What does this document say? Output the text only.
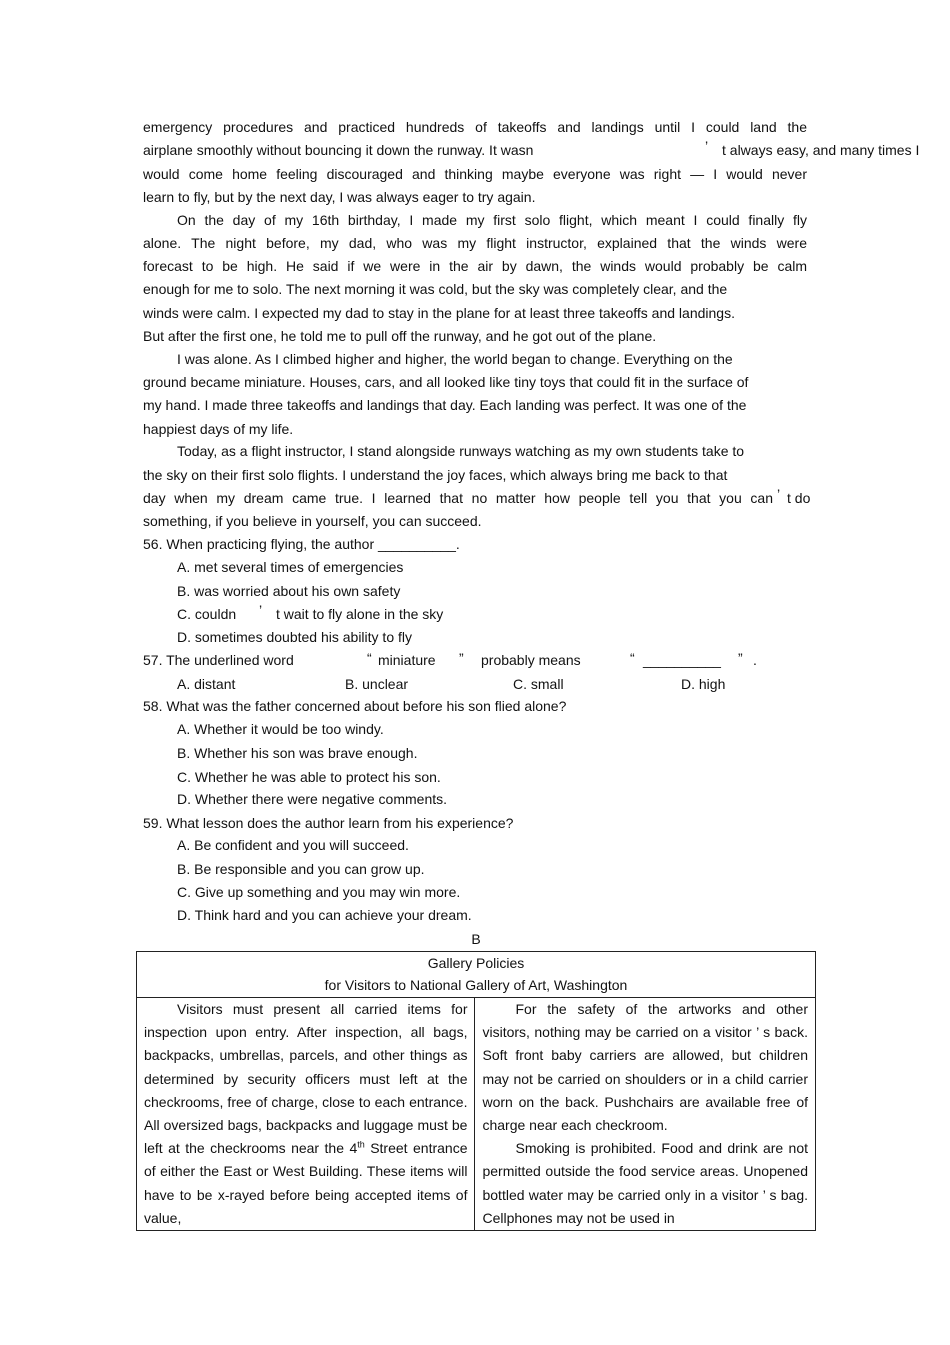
emergency procedures and practiced hundreds of takeoffs and landings until I could land the
airplane smoothly without bouncing it down the runway. It wasn	’ t always easy, and many times I
would come home feeling discouraged and thinking maybe everyone was right — I would never
learn to fly, but by the next day, I was always eager to try again.
On the day of my 16th birthday, I made my first solo flight, which meant I could finally fly
alone. The night before, my dad, who was my flight instructor, explained that the winds were
forecast to be high. He said if we were in the air by dawn, the winds would probably be calm
enough for me to solo. The next morning it was cold, but the sky was completely clear, and the
winds were calm. I expected my dad to stay in the plane for at least three takeoffs and landings.
But after the first one, he told me to pull off the runway, and he got out of the plane.
I was alone. As I climbed higher and higher, the world began to change. Everything on the
ground became miniature. Houses, cars, and all looked like tiny toys that could fit in the surface of
my hand. I made three takeoffs and landings that day. Each landing was perfect. It was one of the
happiest days of my life.
Today, as a flight instructor, I stand alongside runways watching as my own students take to
the sky on their first solo flights. I understand the joy faces, which always bring me back to that
day when my dream came true. I learned that no matter how people tell you that you can ’ t do
something, if you believe in yourself, you can succeed.
56. When practicing flying, the author __________.
A. met several times of emergencies
B. was worried about his own safety
C. couldn ’ t wait to fly alone in the sky
D. sometimes doubted his ability to fly
57. The underlined word	“ miniature ” probably means	“ __________ ” .
A. distant	B. unclear	C. small	D. high
58. What was the father concerned about before his son flied alone?
A. Whether it would be too windy.
B. Whether his son was brave enough.
C. Whether he was able to protect his son.
D. Whether there were negative comments.
59. What lesson does the author learn from his experience?
A. Be confident and you will succeed.
B. Be responsible and you can grow up.
C. Give up something and you may win more.
D. Think hard and you can achieve your dream.
B
Gallery Policies
for Visitors to National Gallery of Art, Washington

Visitors must present all carried items for inspection upon entry. After inspection, all bags, backpacks, umbrellas, parcels, and other things as determined by security officers must left at the checkrooms, free of charge, close to each entrance. All oversized bags, backpacks and luggage must be left at the checkrooms near the 4th Street entrance of either the East or West Building. These items will have to be x-rayed before being accepted items of value,

For the safety of the artworks and other visitors, nothing may be carried on a visitor ’ s back. Soft front baby carriers are allowed, but children may not be carried on shoulders or in a child carrier worn on the back. Pushchairs are available free of charge near each checkroom.
Smoking is prohibited. Food and drink are not permitted outside the food service areas. Unopened bottled water may be carried only in a visitor ’ s bag. Cellphones may not be used in
